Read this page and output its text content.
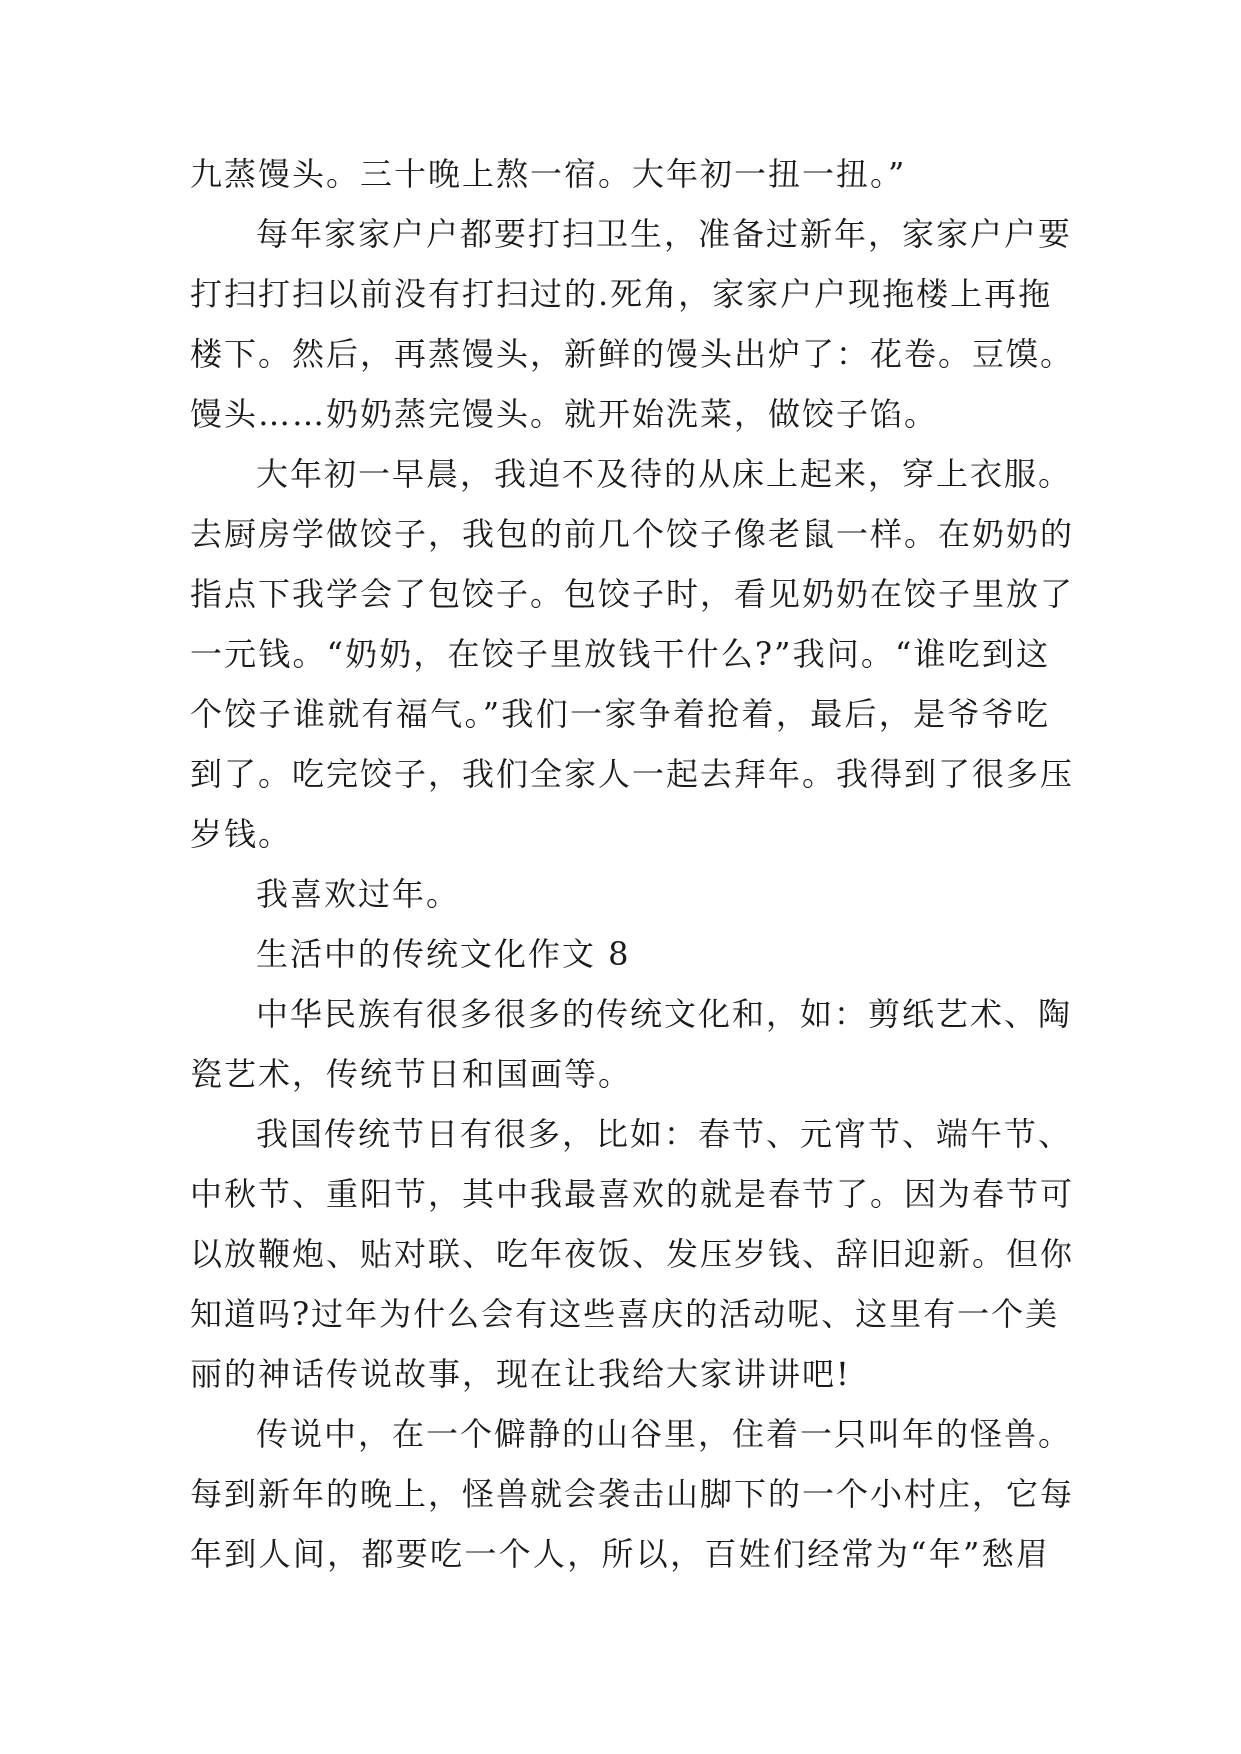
九蒸馒头。三十晚上熬一宿。大年初一扭一扭。”
每年家家户户都要打扫卫生，准备过新年，家家户户要
打扫打扫以前没有打扫过的.死角，家家户户现拖楼上再拖
楼下。然后，再蒸馒头，新鲜的馒头出炉了：花卷。豆馍。
馒头……奶奶蒸完馒头。就开始洗菜，做饺子馅。
大年初一早晨，我迫不及待的从床上起来，穿上衣服。
去厨房学做饺子，我包的前几个饺子像老鼠一样。在奶奶的
指点下我学会了包饺子。包饺子时，看见奶奶在饺子里放了
一元钱。“奶奶，在饺子里放钱干什么?”我问。“谁吃到这
个饺子谁就有福气。”我们一家争着抢着，最后，是爷爷吃
到了。吃完饺子，我们全家人一起去拜年。我得到了很多压
岁钱。
我喜欢过年。
生活中的传统文化作文 8
中华民族有很多很多的传统文化和，如：剪纸艺术、陶
瓷艺术，传统节日和国画等。
我国传统节日有很多，比如：春节、元宵节、端午节、
中秋节、重阳节，其中我最喜欢的就是春节了。因为春节可
以放鞭炮、贴对联、吃年夜饭、发压岁钱、辞旧迎新。但你
知道吗?过年为什么会有这些喜庆的活动呢、这里有一个美
丽的神话传说故事，现在让我给大家讲讲吧!
传说中，在一个僻静的山谷里，住着一只叫年的怪兽。
每到新年的晚上，怪兽就会袭击山脚下的一个小村庄，它每
年到人间，都要吃一个人，所以，百姓们经常为“年”愁眉
